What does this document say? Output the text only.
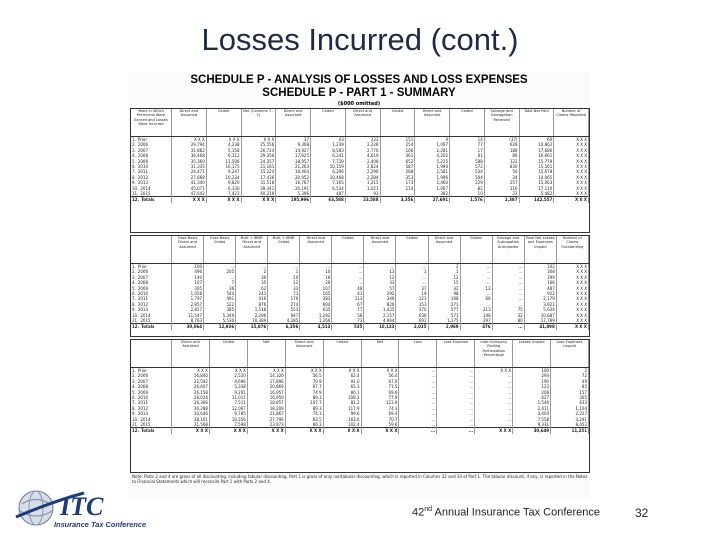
Losses Incurred (cont.)
SCHEDULE P - ANALYSIS OF LOSSES AND LOSS EXPENSES
SCHEDULE P - PART 1 - SUMMARY
($000 omitted)
Years in Which Premiums Were Earned and Losses Were Incurred	Direct and Assumed	Ceded	Net (Columns 1 - 2)	Direct and Assumed	Ceded	Direct and Assumed	Ceded	Direct and Assumed	Ceded	Salvage and Subrogation Received	Total Net Paid	Number of Claims Reported
1. Prior	X X X	X X X	X X X	37	43	223	151	9	14	(37)	60	X X X
2. 2006	29,794	4,238	25,556	9,308	1,239	2,228	254	1,097	77	628	10,862	X X X
3. 2007	31,882	5,158	26,724	14,927	8,583	2,776	106	2,281	17	188	17,686	X X X
4. 2008	36,468	6,112	29,356	17,625	6,241	4,619	361	4,202	81	86	16,661	X X X
5. 2009	35,369	11,506	24,357	18,957	7,739	2,408	652	5,225	588	122	15,779	X X X
6. 2010	31,335	10,175	21,161	21,263	10,159	2,824	587	1,990	572	830	15,561	X X X
7. 2011	24,471	9,247	15,224	18,404	6,296	2,296	268	2,581	534	56	15,678	X X X
8. 2012	27,668	10,234	17,436	20,952	10,468	2,284	353	1,996	504	34	14,065	X X X
9. 2013	41,340	9,820	31,518	16,767	7,165	1,215	173	2,460	229	257	15,063	X X X
10. 2014	45,671	6,330	39,341	20,191	6,534	1,021	114	1,067	82	116	17,110	X X X
11. 2015	47,642	7,423	40,219	5,396	487	93	...	382	10	22	5,482	X X X
12. Totals	X X X	X X X	X X X	195,996	63,588	23,588	3,356	27,691	1,576	2,387	142,557	X X X
	Case Basis Direct and Assumed	Case Basis Ceded	Bulk + IBNR Direct and Assumed	Bulk + IBNR Ceded	Direct and Assumed	Ceded	Direct and Assumed	Ceded	Direct and Assumed	Ceded	Salvage and Subrogation Anticipated	Total Net Losses and Expenses Unpaid	Number of Claims Outstanding
1. Prior	100	...	...	...	...	...	...	...	2	...	...	102	X X X
2. 2006	496	205	2	1	10	...	13	1	1	...	...	308	X X X
3. 2007	140	...	39	10	16	...	12	...	12	...	...	199	X X X
4. 2008	107	7	35	12	20	...	33	...	15	...	...	166	X X X
5. 2009	305	36	62	33	107	48	57	37	32	12	...	487	X X X
6. 2010	1,058	544	243	71	165	43	292	19	98	...	...	922	X X X
7. 2011	1,797	491	416	170	383	113	349	123	168	66	...	2,179	X X X
8. 2012	2,857	522	876	274	604	67	826	153	271	...	...	3,921	X X X
9. 2013	2,827	385	1,518	553	635	77	1,425	370	577	213	75	5,634	X X X
10. 2014	11,547	5,349	2,296	947	1,292	56	2,157	636	571	148	32	10,687	X X X
11. 2015	8,763	5,530	10,389	4,285	1,260	73	4,964	691	1,175	297	80	17,789	X X X
12. Totals	30,064	12,936	15,876	6,356	4,513	535	10,133	2,035	2,969	476	...	41,898	X X X
	Direct and Assumed	Ceded	Net	Direct and Assumed	Ceded	Net	Loss	Loss Expense	Inter-Company Pooling Participation Percentage	Losses Unpaid	Loss Expenses Unpaid
1. Prior	X X X	X X X	X X X	X X X	X X X	X X X	...	...	X X X	100	2
2. 2006	16,840	2,520	14,320	56.5	62.4	56.0	...	...	...	294	72
3. 2007	22,592	4,696	17,896	70.9	91.0	67.0	...	...	...	190	49
4. 2008	26,607	5,338	20,869	67.7	65.3	71.5	...	...	...	123	85
5. 2009	26,158	9,201	16,957	74.9	80.1	69.6	...	...	...	208	157
6. 2010	28,024	11,011	16,959	89.1	108.2	77.9	...	...	...	627	305
7. 2011	26,366	7,511	18,857	107.7	81.2	123.9	...	...	...	1,546	633
8. 2012	30,288	12,067	18,209	89.3	117.9	74.3	...	...	...	2,411	1,104
9. 2013	30,646	9,785	21,867	74.1	99.6	69.4	...	...	...	3,403	2,227
10. 2014	38,161	10,356	27,796	83.5	163.6	70.7	...	...	...	7,558	3,241
11. 2015	31,568	7,598	23,973	66.3	102.4	59.6	...	...	...	9,331	8,452
12. Totals	X X X	X X X	X X X	X X X	X X X	X X X	...	...	X X X	30,649	11,251
Note: Parts 2 and 4 are gross of all discounting, including tabular discounting. Part 1 is gross of only nontabular discounting, which is reported in Columns 32 and 33 of Part 1. The tabular discount, if any, is reported in the Notes to Financial Statements which will reconcile Part 1 with Parts 2 and 4.
ITC
Insurance Tax Conference
42nd Annual Insurance Tax Conference	32
